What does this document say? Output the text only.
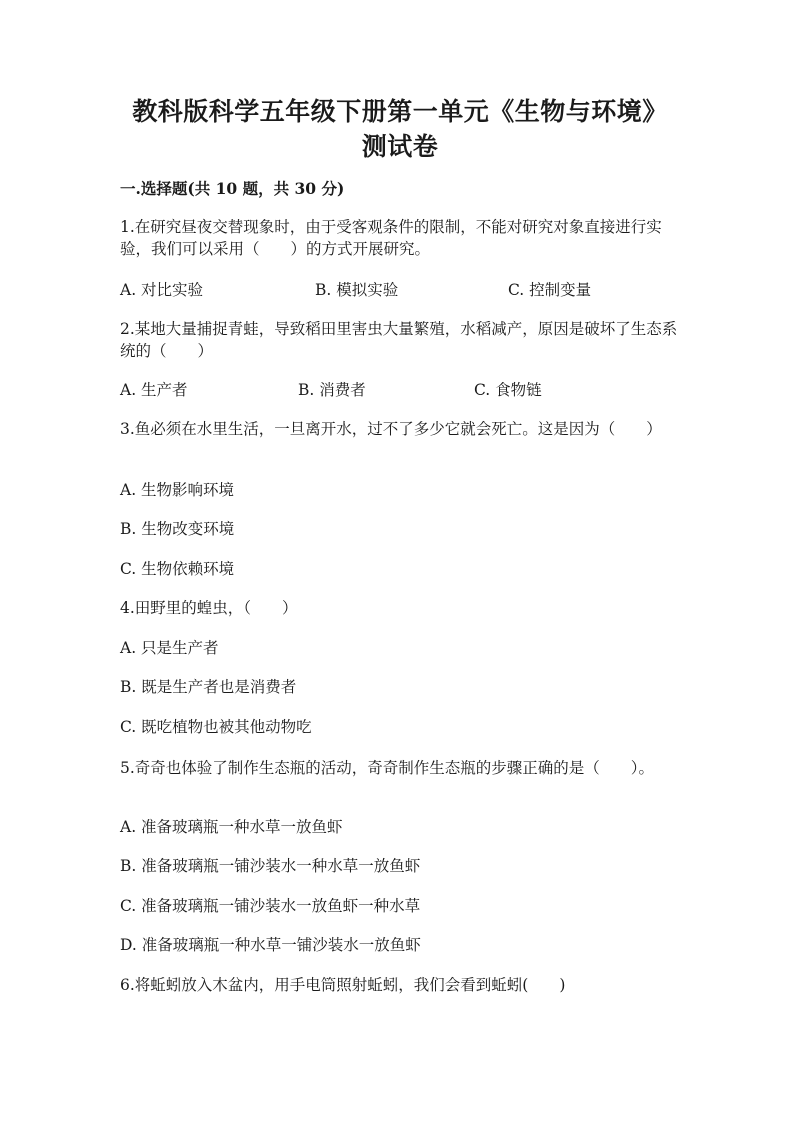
教科版科学五年级下册第一单元《生物与环境》测试卷
一.选择题(共 10 题，共 30 分)
1.在研究昼夜交替现象时，由于受客观条件的限制，不能对研究对象直接进行实验，我们可以采用（　　）的方式开展研究。
A. 对比实验	B. 模拟实验	C. 控制变量
2.某地大量捕捉青蛙，导致稻田里害虫大量繁殖，水稻减产，原因是破坏了生态系统的（　　）
A. 生产者	B. 消费者	C. 食物链
3.鱼必须在水里生活，一旦离开水，过不了多少它就会死亡。这是因为（　　）
A. 生物影响环境
B. 生物改变环境
C. 生物依赖环境
4.田野里的蝗虫，（　　）
A. 只是生产者
B. 既是生产者也是消费者
C. 既吃植物也被其他动物吃
5.奇奇也体验了制作生态瓶的活动，奇奇制作生态瓶的步骤正确的是（　　）。
A. 准备玻璃瓶一种水草一放鱼虾
B. 准备玻璃瓶一铺沙装水一种水草一放鱼虾
C. 准备玻璃瓶一铺沙装水一放鱼虾一种水草
D. 准备玻璃瓶一种水草一铺沙装水一放鱼虾
6.将蚯蚓放入木盆内，用手电筒照射蚯蚓，我们会看到蚯蚓(　　)
